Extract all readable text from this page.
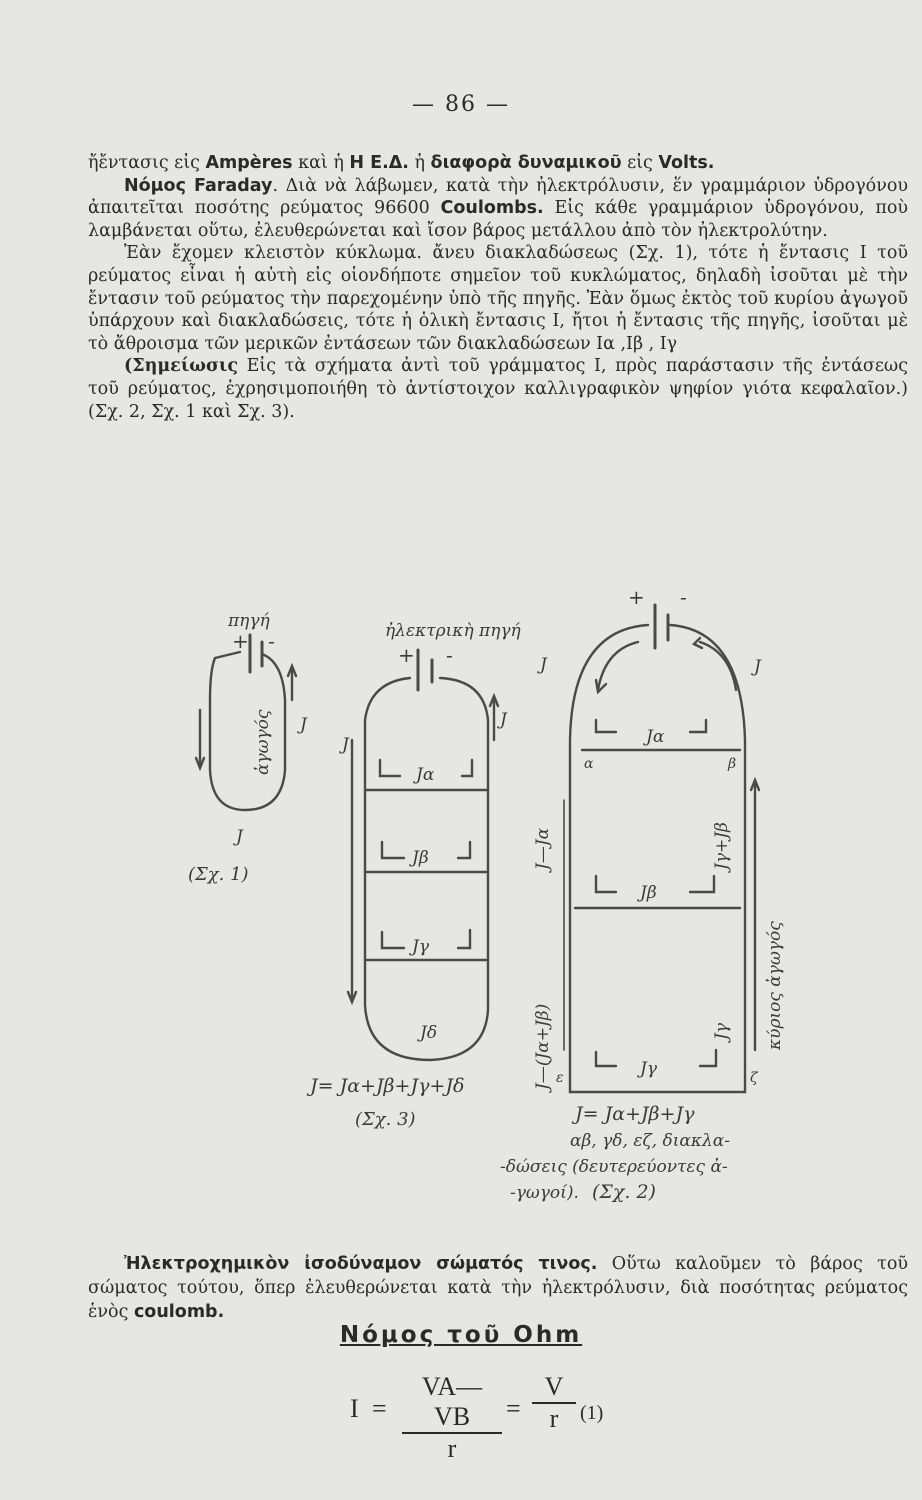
— 86 —

ἤἔντασις εἰς Ampères καὶ ἡ Η Ε.Δ. ἡ διαφορὰ δυναμικοῦ εἰς Volts.

Νόμος Faraday. Διὰ νὰ λάβωμεν, κατὰ τὴν ἠλεκτρόλυσιν, ἕν γραμμάριον ὑδρογόνου ἀπαιτεῖται ποσότης ρεύματος 96600 Coulombs. Εἰς κάθε γραμμάριον ὑδρογόνου, ποὺ λαμβάνεται οὕτω, ἐλευθερώνεται καὶ ἴσον βάρος μετάλλου ἀπὸ τὸν ἠλεκτρολύτην.

Ἐὰν ἔχομεν κλειστὸν κύκλωμα. ἄνευ διακλαδώσεως (Σχ. 1), τότε ἡ ἔντασις Ι τοῦ ρεύματος εἶναι ἡ αὐτὴ εἰς οἱονδήποτε σημεῖον τοῦ κυκλώματος, δηλαδὴ ἰσοῦται μὲ τὴν ἔντασιν τοῦ ρεύματος τὴν παρεχομένην ὑπὸ τῆς πηγῆς. Ἐὰν ὅμως ἐκτὸς τοῦ κυρίου ἀγωγοῦ ὑπάρχουν καὶ διακλαδώσεις, τότε ἡ ὁλικὴ ἔντασις Ι, ἤτοι ἡ ἔντασις τῆς πηγῆς, ἰσοῦται μὲ τὸ ἄθροισμα τῶν μερικῶν ἐντάσεων τῶν διακλαδώσεων Ια ,Ιβ , Ιγ

(Σημείωσις Εἰς τὰ σχήματα ἀντὶ τοῦ γράμματος Ι, πρὸς παράστασιν τῆς ἐντάσεως τοῦ ρεύματος, ἐχρησιμοποιήθη τὸ ἀντίστοιχον καλλιγραφικὸν ψηφίον γιότα κεφαλαῖον.) (Σχ. 2, Σχ. 1 καὶ Σχ. 3).

πηγή
+ -
J
ἀγωγός
J
(Σχ. 1)
ἠλεκτρικὴ πηγή
+ -
J
J
Jα
Jβ
Jγ
Jδ
J= Jα+Jβ+Jγ+Jδ
(Σχ. 3)
+ -
J	J
Jα
α	β
J—Jα	Jγ+Jβ
Jβ
J—(Jα+Jβ)	Jγ
Jγ
ε	ζ
κύριος ἀγωγός
J= Jα+Jβ+Jγ
αβ, γδ, εζ, διακλα-
-δώσεις (δευτερεύοντες ἀ-
-γωγοί). (Σχ. 2)

Ἠλεκτροχημικὸν ἰσοδύναμον σώματός τινος. Οὕτω καλοῦμεν τὸ βάρος τοῦ σώματος τούτου, ὅπερ ἐλευθερώνεται κατὰ τὴν ἠλεκτρόλυσιν, διὰ ποσότητας ρεύματος ἑνὸς coulomb.

Νόμος τοῦ Ohm
$I = \frac{VA—VB}{r} = \frac{V}{r} (1)$
